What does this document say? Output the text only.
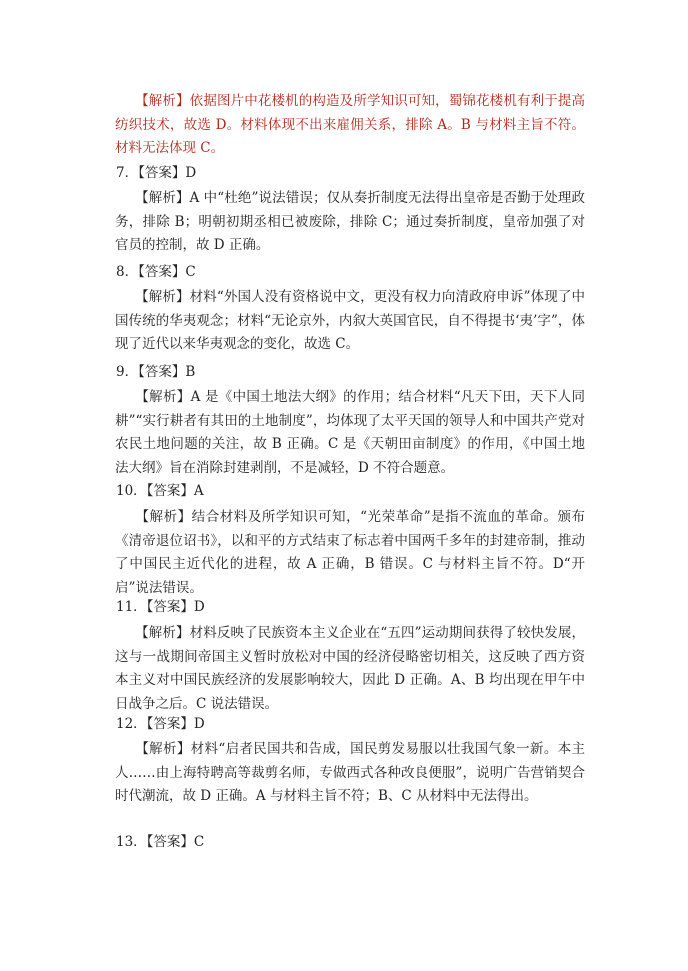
【解析】依据图片中花楼机的构造及所学知识可知，蜀锦花楼机有利于提高纺织技术，故选 D。材料体现不出来雇佣关系，排除 A。B 与材料主旨不符。材料无法体现 C。
7．【答案】D
【解析】A 中“杜绝”说法错误；仅从奏折制度无法得出皇帝是否勤于处理政务，排除 B；明朝初期丞相已被废除，排除 C；通过奏折制度，皇帝加强了对官员的控制，故 D 正确。
8．【答案】C
【解析】材料“外国人没有资格说中文，更没有权力向清政府申诉”体现了中国传统的华夷观念；材料“无论京外，内叙大英国官民，自不得提书‘夷’字”，体现了近代以来华夷观念的变化，故选 C。
9．【答案】B
【解析】A 是《中国土地法大纲》的作用；结合材料“凡天下田，天下人同耕”“实行耕者有其田的土地制度”，均体现了太平天国的领导人和中国共产党对农民土地问题的关注，故 B 正确。C 是《天朝田亩制度》的作用，《中国土地法大纲》旨在消除封建剥削，不是减轻，D 不符合题意。
10．【答案】A
【解析】结合材料及所学知识可知，“光荣革命”是指不流血的革命。颁布《清帝退位诏书》，以和平的方式结束了标志着中国两千多年的封建帝制，推动了中国民主近代化的进程，故 A 正确，B 错误。C 与材料主旨不符。D“开启”说法错误。
11．【答案】D
【解析】材料反映了民族资本主义企业在“五四”运动期间获得了较快发展，这与一战期间帝国主义暂时放松对中国的经济侵略密切相关，这反映了西方资本主义对中国民族经济的发展影响较大，因此 D 正确。A、B 均出现在甲午中日战争之后。C 说法错误。
12．【答案】D
【解析】材料“启者民国共和告成，国民剪发易服以壮我国气象一新。本主人……由上海特聘高等裁剪名师，专做西式各种改良便服”，说明广告营销契合时代潮流，故 D 正确。A 与材料主旨不符；B、C 从材料中无法得出。
13．【答案】C
